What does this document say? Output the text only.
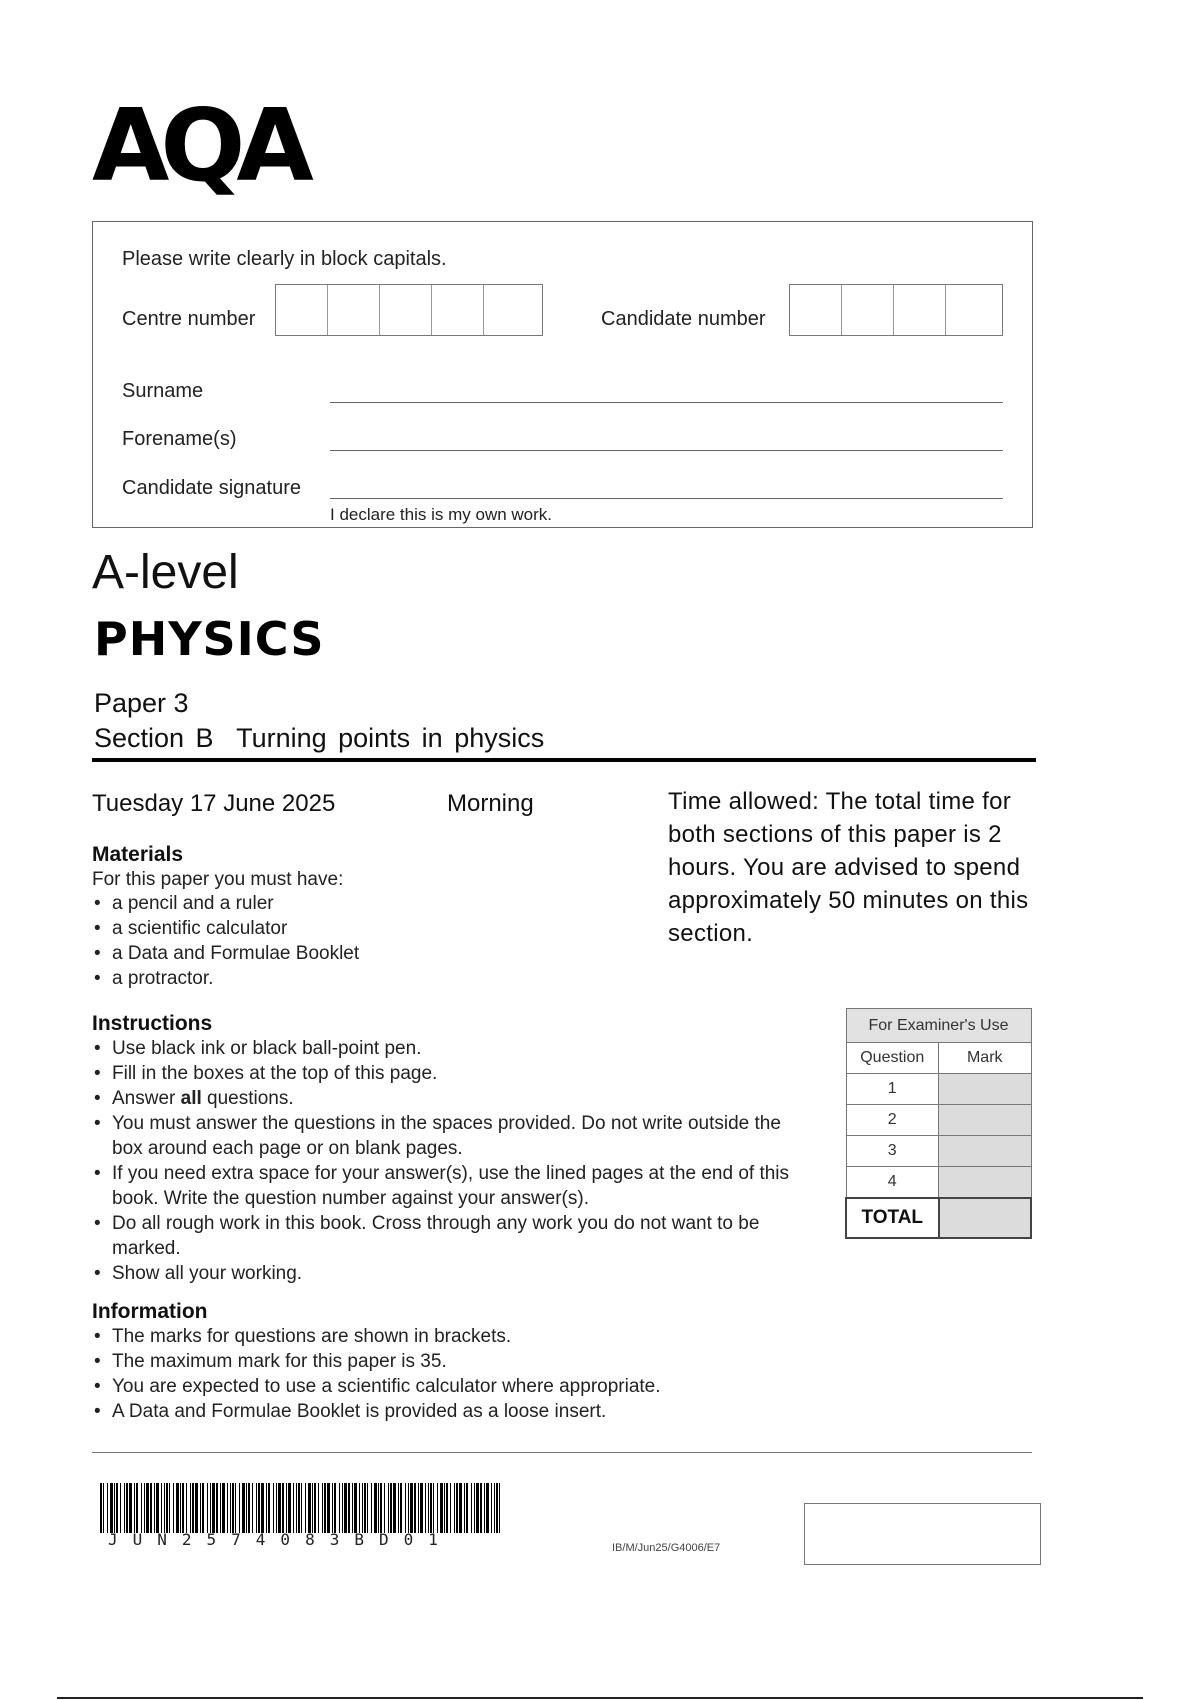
AQA
Please write clearly in block capitals.
Centre number	Candidate number
Surname
Forename(s)
Candidate signature
I declare this is my own work.
A-level
PHYSICS
Paper 3
Section B  Turning points in physics
Tuesday 17 June 2025	Morning	Time allowed: The total time for both sections of this paper is 2 hours. You are advised to spend approximately 50 minutes on this section.
Materials
For this paper you must have:
• a pencil and a ruler
• a scientific calculator
• a Data and Formulae Booklet
• a protractor.
Instructions
• Use black ink or black ball-point pen.
• Fill in the boxes at the top of this page.
• Answer all questions.
• You must answer the questions in the spaces provided. Do not write outside the box around each page or on blank pages.
• If you need extra space for your answer(s), use the lined pages at the end of this book. Write the question number against your answer(s).
• Do all rough work in this book. Cross through any work you do not want to be marked.
• Show all your working.
Information
• The marks for questions are shown in brackets.
• The maximum mark for this paper is 35.
• You are expected to use a scientific calculator where appropriate.
• A Data and Formulae Booklet is provided as a loose insert.
For Examiner's Use	
Question	Mark
1	
2	
3	
4	
TOTAL	
JUN2574083BD01	IB/M/Jun25/G4006/E7
